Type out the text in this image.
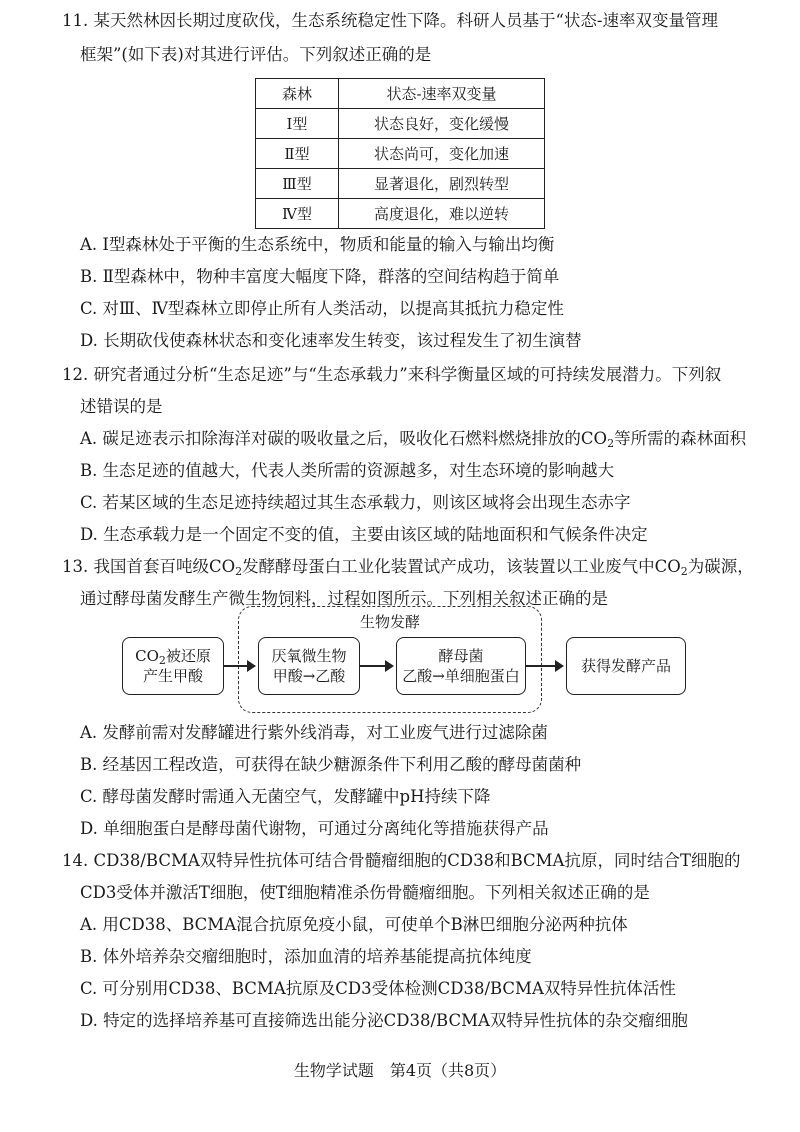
11. 某天然林因长期过度砍伐，生态系统稳定性下降。科研人员基于“状态-速率双变量管理
框架”(如下表)对其进行评估。下列叙述正确的是
森林	状态-速率双变量
Ⅰ型	状态良好，变化缓慢
Ⅱ型	状态尚可，变化加速
Ⅲ型	显著退化，剧烈转型
Ⅳ型	高度退化，难以逆转
A. Ⅰ型森林处于平衡的生态系统中，物质和能量的输入与输出均衡
B. Ⅱ型森林中，物种丰富度大幅度下降，群落的空间结构趋于简单
C. 对Ⅲ、Ⅳ型森林立即停止所有人类活动，以提高其抵抗力稳定性
D. 长期砍伐使森林状态和变化速率发生转变，该过程发生了初生演替
12. 研究者通过分析“生态足迹”与“生态承载力”来科学衡量区域的可持续发展潜力。下列叙
述错误的是
A. 碳足迹表示扣除海洋对碳的吸收量之后，吸收化石燃料燃烧排放的$CO_2$等所需的森林面积
B. 生态足迹的值越大，代表人类所需的资源越多，对生态环境的影响越大
C. 若某区域的生态足迹持续超过其生态承载力，则该区域将会出现生态赤字
D. 生态承载力是一个固定不变的值，主要由该区域的陆地面积和气候条件决定
13. 我国首套百吨级$CO_2$发酵酵母蛋白工业化装置试产成功，该装置以工业废气中$CO_2$为碳源，
通过酵母菌发酵生产微生物饲料，过程如图所示。下列相关叙述正确的是
生物发酵
$CO_2$被还原
产生甲酸
厌氧微生物
甲酸→乙酸
酵母菌
乙酸→单细胞蛋白
获得发酵产品
A. 发酵前需对发酵罐进行紫外线消毒，对工业废气进行过滤除菌
B. 经基因工程改造，可获得在缺少糖源条件下利用乙酸的酵母菌菌种
C. 酵母菌发酵时需通入无菌空气，发酵罐中pH持续下降
D. 单细胞蛋白是酵母菌代谢物，可通过分离纯化等措施获得产品
14. CD38/BCMA双特异性抗体可结合骨髓瘤细胞的CD38和BCMA抗原，同时结合T细胞的
CD3受体并激活T细胞，使T细胞精准杀伤骨髓瘤细胞。下列相关叙述正确的是
A. 用CD38、BCMA混合抗原免疫小鼠，可使单个B淋巴细胞分泌两种抗体
B. 体外培养杂交瘤细胞时，添加血清的培养基能提高抗体纯度
C. 可分别用CD38、BCMA抗原及CD3受体检测CD38/BCMA双特异性抗体活性
D. 特定的选择培养基可直接筛选出能分泌CD38/BCMA双特异性抗体的杂交瘤细胞
生物学试题　第4页（共8页）
